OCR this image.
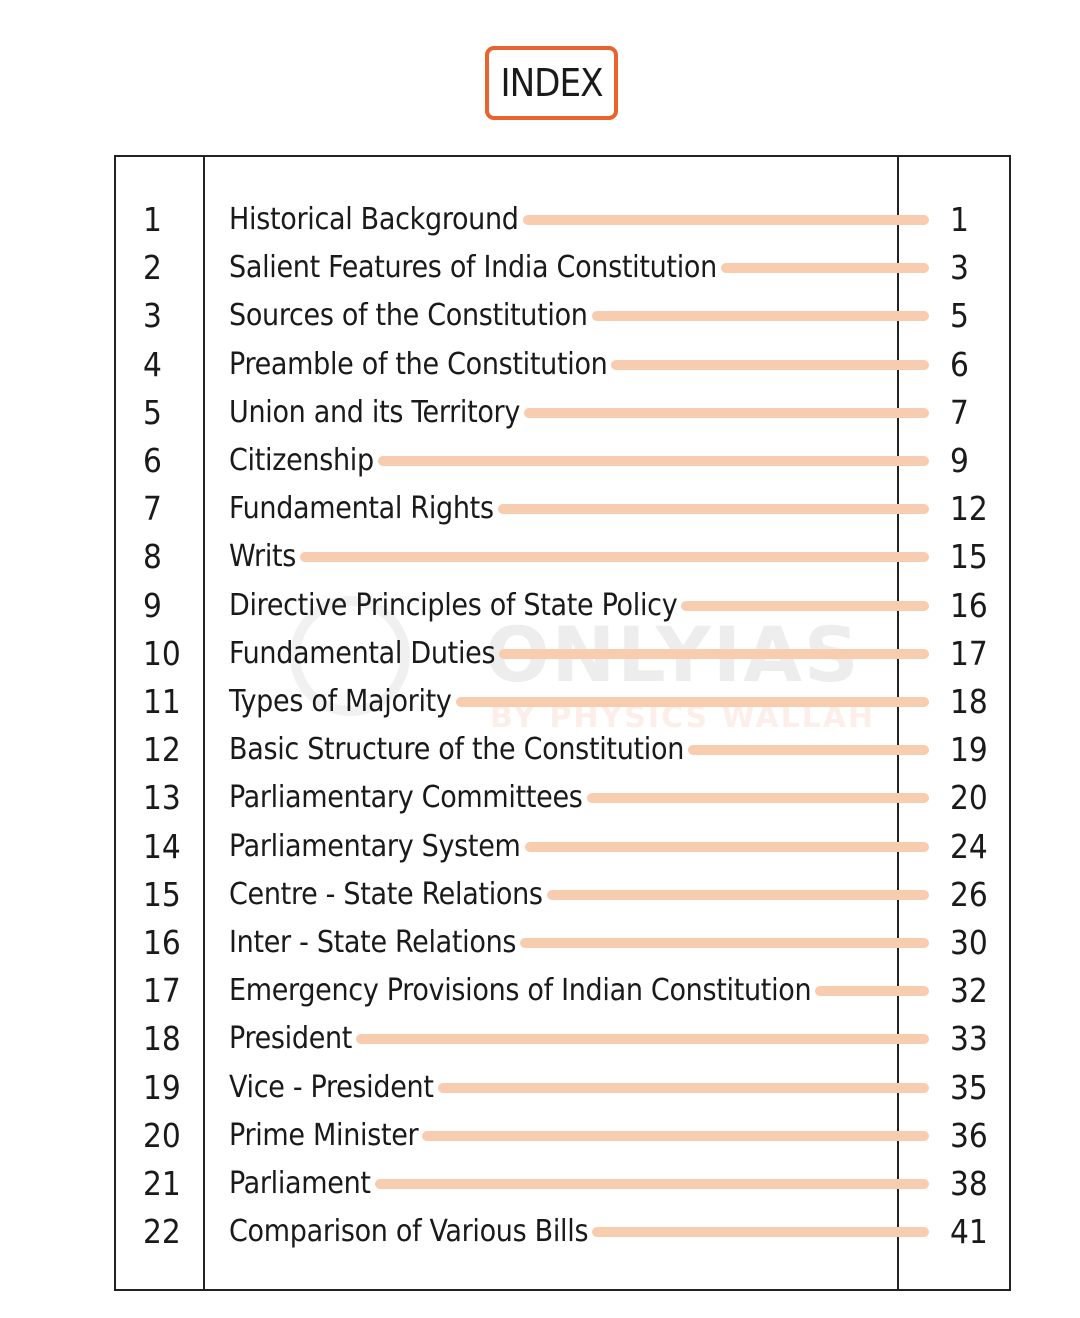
INDEX
ONLYIAS
BY PHYSICS WALLAH
1 Historical Background	1
2 Salient Features of India Constitution	3
3 Sources of the Constitution	5
4 Preamble of the Constitution	6
5 Union and its Territory	7
6 Citizenship	9
7 Fundamental Rights	12
8 Writs	15
9 Directive Principles of State Policy	16
10 Fundamental Duties	17
11 Types of Majority	18
12 Basic Structure of the Constitution	19
13 Parliamentary Committees	20
14 Parliamentary System	24
15 Centre - State Relations	26
16 Inter - State Relations	30
17 Emergency Provisions of Indian Constitution	32
18 President	33
19 Vice - President	35
20 Prime Minister	36
21 Parliament	38
22 Comparison of Various Bills	41
